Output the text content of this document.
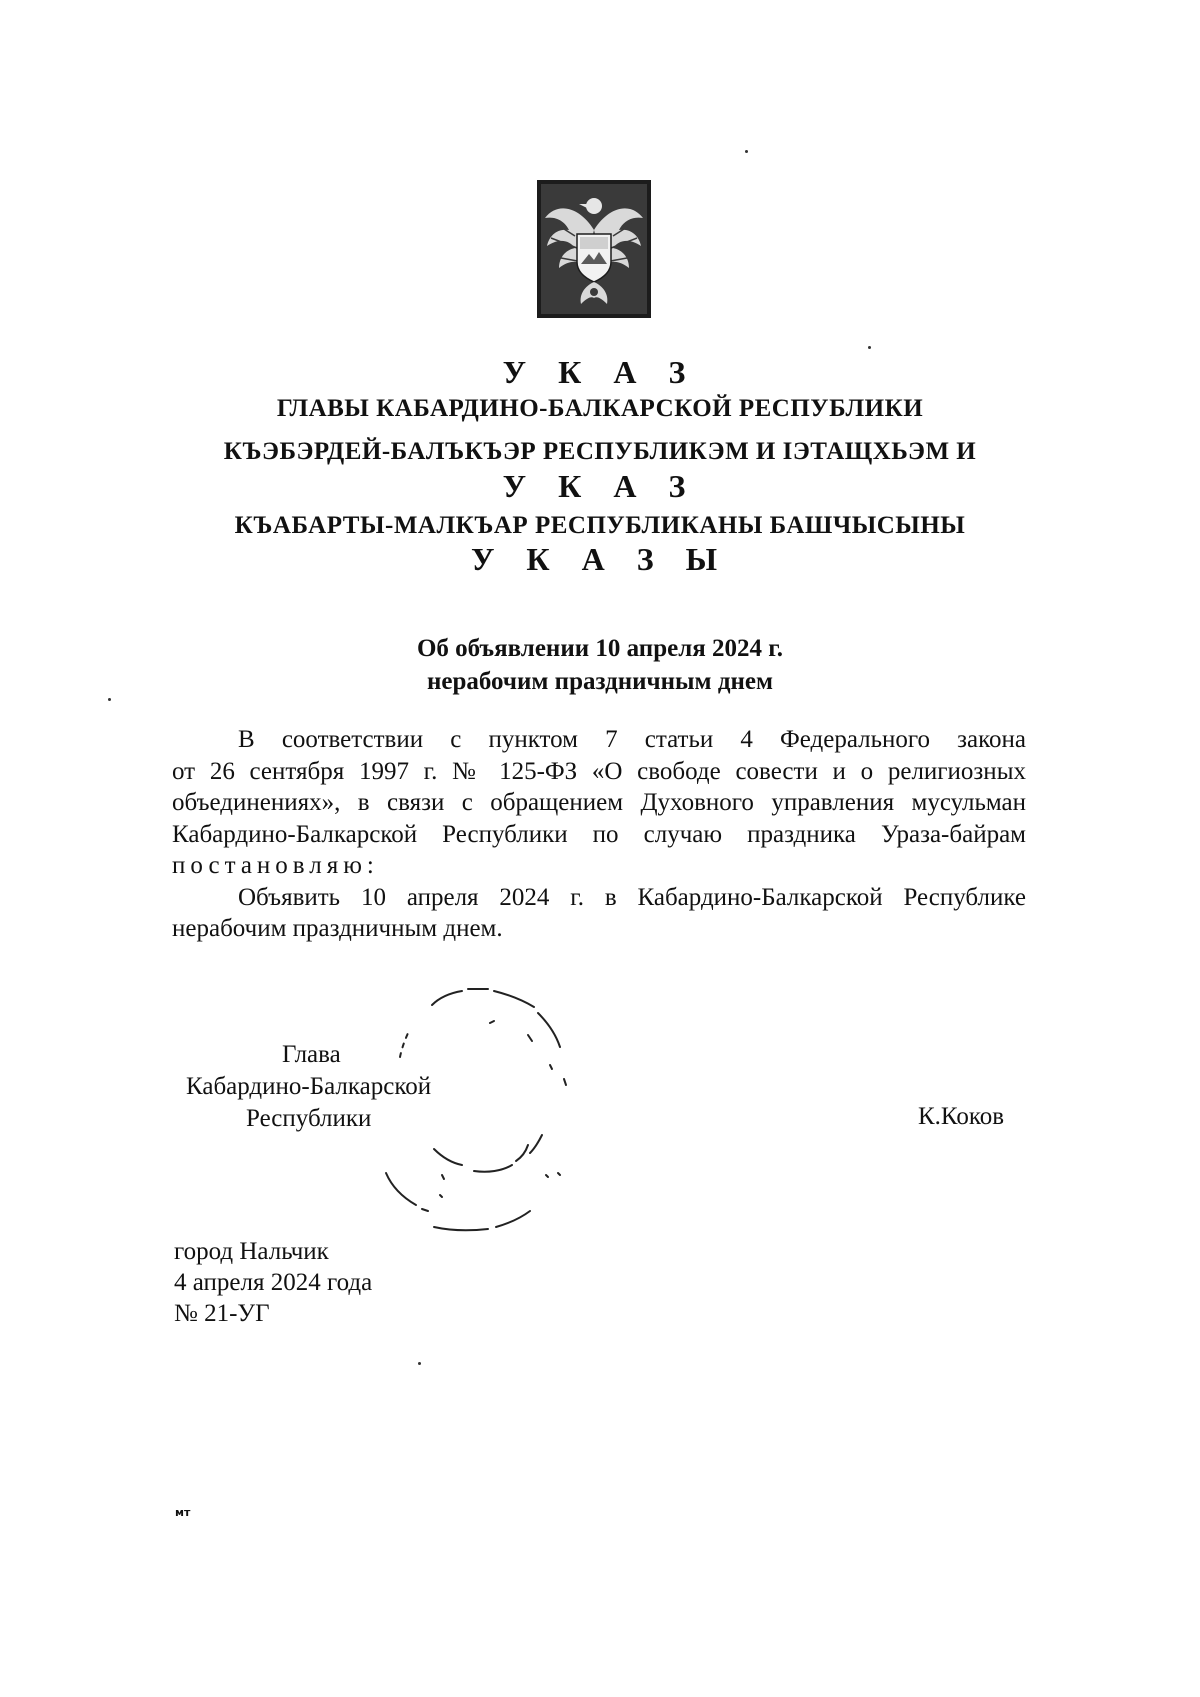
У К А З
ГЛАВЫ КАБАРДИНО-БАЛКАРСКОЙ РЕСПУБЛИКИ
КЪЭБЭРДЕЙ-БАЛЪКЪЭР РЕСПУБЛИКЭМ И IЭТАЩХЬЭМ И
У К А З
КЪАБАРТЫ-МАЛКЪАР РЕСПУБЛИКАНЫ БАШЧЫСЫНЫ
У К А З Ы
Об объявлении 10 апреля 2024 г.
нерабочим праздничным днем

В соответствии с пунктом 7 статьи 4 Федерального закона

от 26 сентября 1997 г. № 125-ФЗ «О свободе совести и о религиозных

объединениях», в связи с обращением Духовного управления мусульман

Кабардино-Балкарской Республики по случаю праздника Ураза-байрам

постановляю:

Объявить 10 апреля 2024 г. в Кабардино-Балкарской Республике

нерабочим праздничным днем.

Глава
Кабардино-Балкарской
Республики	К.Коков
город Нальчик
4 апреля 2024 года
№ 21-УГ
мт
